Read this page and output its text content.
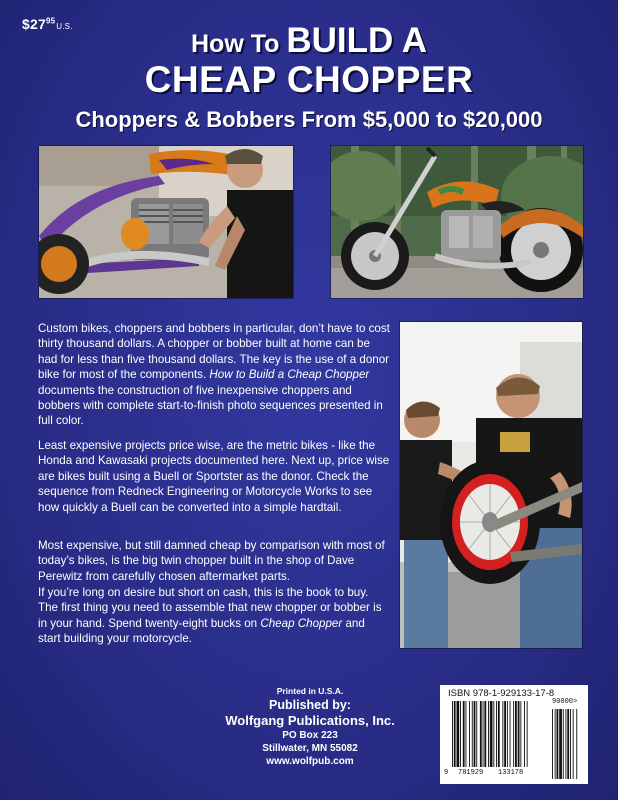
$\$27^{95}U.S$.
How To BUILD A
CHEAP CHOPPER
Choppers & Bobbers From $5,000 to $20,000

Custom bikes, choppers and bobbers in particular, don’t have to cost thirty thousand dollars. A chopper or bobber built at home can be had for less than five thousand dollars. The key is the use of a donor bike for most of the components. How to Build a Cheap Chopper documents the construction of five inexpensive choppers and bobbers with complete start-to-finish photo sequences presented in full color.

Least expensive projects price wise, are the metric bikes - like the Honda and Kawasaki projects documented here. Next up, price wise are bikes built using a Buell or Sportster as the donor. Check the sequence from Redneck Engineering or Motorcycle Works to see how quickly a Buell can be converted into a simple hardtail.

Most expensive, but still damned cheap by comparison with most of today’s bikes, is the big twin chopper built in the shop of Dave Perewitz from carefully chosen aftermarket parts.

If you’re long on desire but short on cash, this is the book to buy. The first thing you need to assemble that new chopper or bobber is in your hand. Spend twenty-eight bucks on Cheap Chopper and start building your motorcycle.

Printed in U.S.A.
Published by:
Wolfgang Publications, Inc.
PO Box 223
Stillwater, MN 55082
www.wolfpub.com
ISBN 978-1-929133-17-8
90000>
9 781929 133178
